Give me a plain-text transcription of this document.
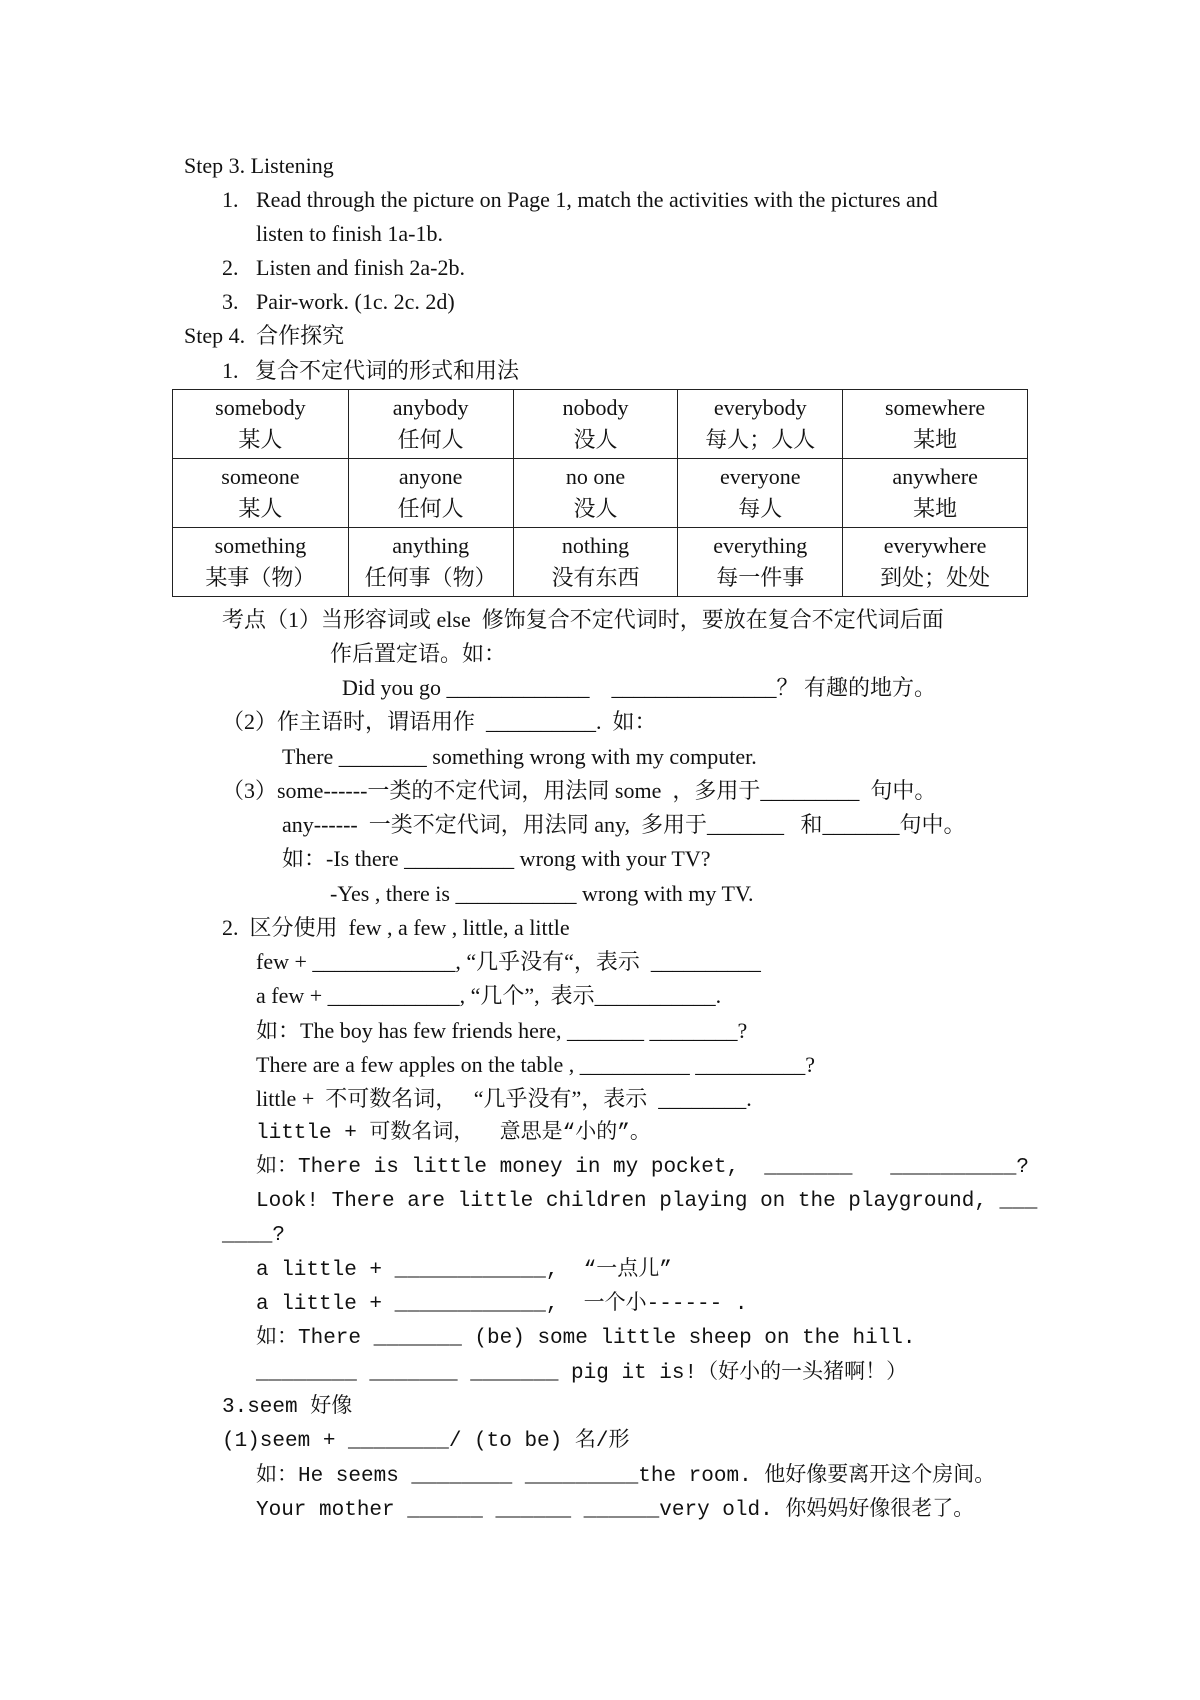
Step 3. Listening
1. Read through the picture on Page 1, match the activities with the pictures and
listen to finish 1a-1b.
2. Listen and finish 2a-2b.
3. Pair-work. (1c. 2c. 2d)
Step 4.  合作探究
1.   复合不定代词的形式和用法
somebody
某人	anybody
任何人	nobody
没人	everybody
每人；人人	somewhere
某地

someone
某人	anyone
任何人	no one
没人	everyone
每人	anywhere
某地

something
某事（物）	anything
任何事（物）	nothing
没有东西	everything
每一件事	everywhere
到处；处处
考点（1）当形容词或 else  修饰复合不定代词时，要放在复合不定代词后面
作后置定语。如：
Did you go _____________    _______________？ 有趣的地方。
（2）作主语时，谓语用作  __________.  如：
There ________ something wrong with my computer.
（3）some------一类的不定代词，用法同 some  ，多用于_________  句中。
any------  一类不定代词，用法同 any,  多用于_______   和_______句中。
如：-Is there __________ wrong with your TV?
-Yes , there is ___________ wrong with my TV.
2.  区分使用  few , a few , little, a little
few + _____________, “几乎没有“，表示  __________
a few + ____________, “几个”,  表示___________.
如：The boy has few friends here, _______ ________?
There are a few apples on the table , __________ __________?
little +  不可数名词，   “几乎没有”，表示  ________.
little + 可数名词，  意思是“小的”。
如：There is little money in my pocket,  _______   __________?
Look! There are little children playing on the playground, ___
____?
a little + ____________,  “一点儿”
a little + ____________,  一个小------ .
如：There _______ (be) some little sheep on the hill.
________ _______ _______ pig it is!（好小的一头猪啊！）
3.seem 好像
(1)seem + ________/ (to be) 名/形
如：He seems ________ _________the room. 他好像要离开这个房间。
Your mother ______ ______ ______very old. 你妈妈好像很老了。
